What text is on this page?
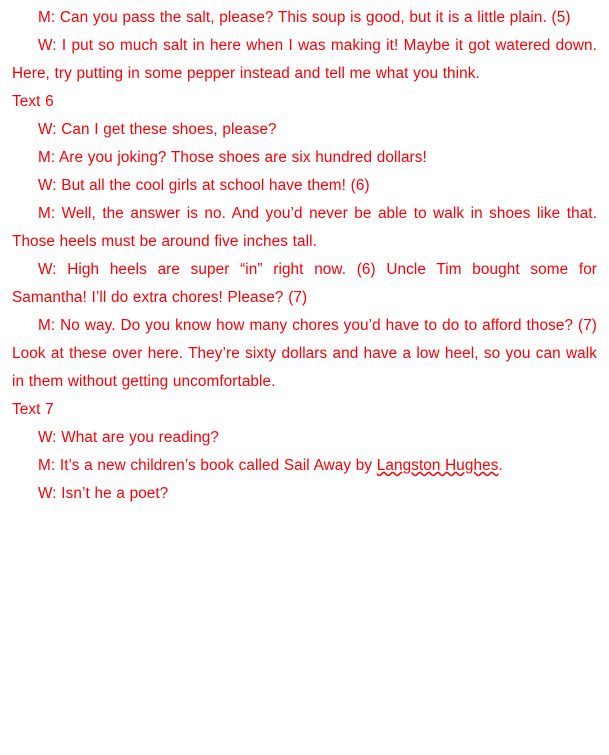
M: Can you pass the salt, please? This soup is good, but it is a little plain. (5)

W: I put so much salt in here when I was making it! Maybe it got watered down. Here, try putting in some pepper instead and tell me what you think.

Text 6

W: Can I get these shoes, please?

M: Are you joking? Those shoes are six hundred dollars!

W: But all the cool girls at school have them! (6)

M: Well, the answer is no. And you’d never be able to walk in shoes like that. Those heels must be around five inches tall.

W: High heels are super “in” right now. (6) Uncle Tim bought some for Samantha! I’ll do extra chores! Please? (7)

M: No way. Do you know how many chores you’d have to do to afford those? (7) Look at these over here. They’re sixty dollars and have a low heel, so you can walk in them without getting uncomfortable.

Text 7

W: What are you reading?

M: It’s a new children’s book called Sail Away by Langston Hughes.

W: Isn’t he a poet?
